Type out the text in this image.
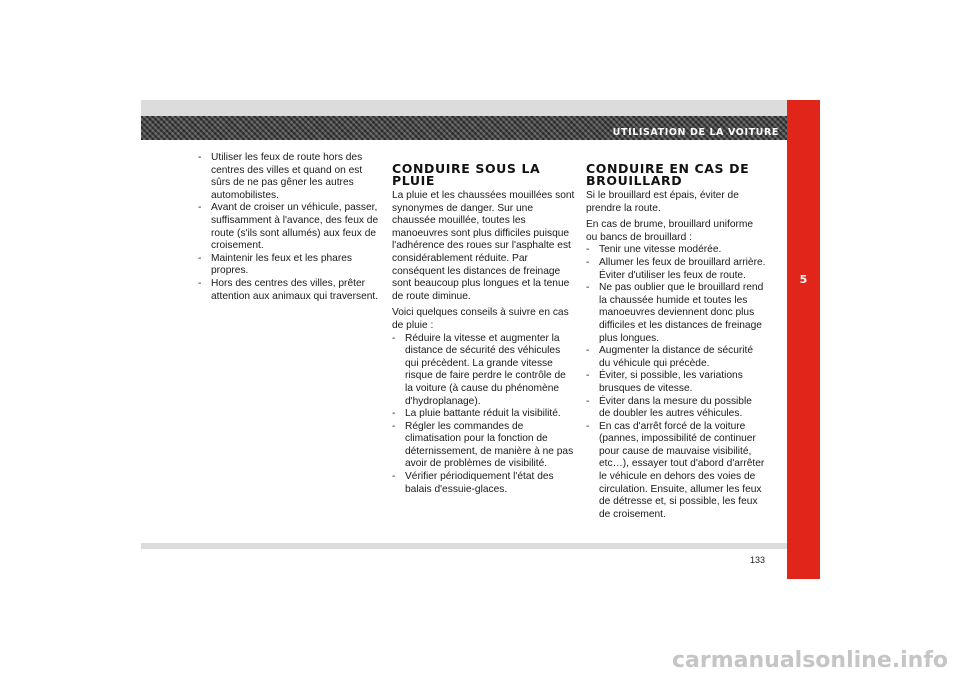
UTILISATION DE LA VOITURE
5
- Utiliser les feux de route hors des centres des villes et quand on est sûrs de ne pas gêner les autres automobilistes.
- Avant de croiser un véhicule, passer, suffisamment à l'avance, des feux de route (s'ils sont allumés) aux feux de croisement.
- Maintenir les feux et les phares propres.
- Hors des centres des villes, prêter attention aux animaux qui traversent.
CONDUIRE SOUS LA PLUIE

La pluie et les chaussées mouillées sont synonymes de danger. Sur une chaussée mouillée, toutes les manoeuvres sont plus difficiles puisque l'adhérence des roues sur l'asphalte est considérablement réduite. Par conséquent les distances de freinage sont beaucoup plus longues et la tenue de route diminue.

Voici quelques conseils à suivre en cas de pluie :

- Réduire la vitesse et augmenter la distance de sécurité des véhicules qui précèdent. La grande vitesse risque de faire perdre le contrôle de la voiture (à cause du phénomène d'hydroplanage).
- La pluie battante réduit la visibilité.
- Régler les commandes de climatisation pour la fonction de déternissement, de manière à ne pas avoir de problèmes de visibilité.
- Vérifier périodiquement l'état des balais d'essuie-glaces.
CONDUIRE EN CAS DE BROUILLARD

Si le brouillard est épais, éviter de prendre la route.

En cas de brume, brouillard uniforme ou bancs de brouillard :

- Tenir une vitesse modérée.
- Allumer les feux de brouillard arrière. Éviter d'utiliser les feux de route.
- Ne pas oublier que le brouillard rend la chaussée humide et toutes les manoeuvres deviennent donc plus difficiles et les distances de freinage plus longues.
- Augmenter la distance de sécurité du véhicule qui précède.
- Éviter, si possible, les variations brusques de vitesse.
- Éviter dans la mesure du possible de doubler les autres véhicules.
- En cas d'arrêt forcé de la voiture (pannes, impossibilité de continuer pour cause de mauvaise visibilité, etc…), essayer tout d'abord d'arrêter le véhicule en dehors des voies de circulation. Ensuite, allumer les feux de détresse et, si possible, les feux de croisement.
133
carmanualsonline.info
